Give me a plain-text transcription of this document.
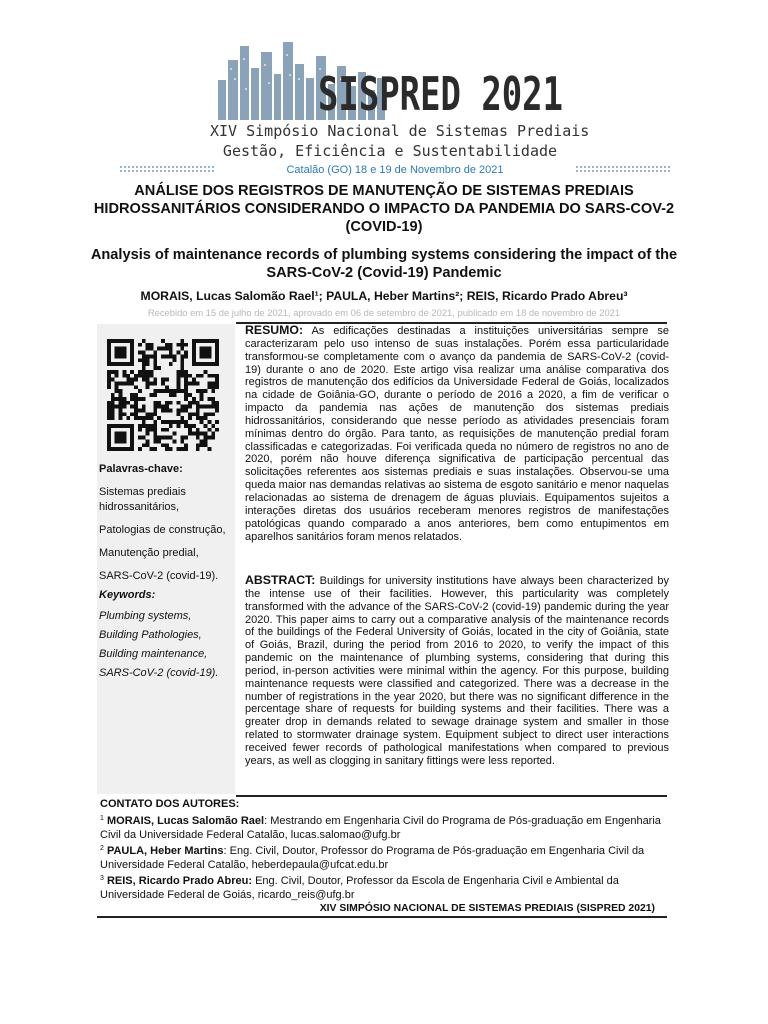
SISPRED 2021
XIV Simpósio Nacional de Sistemas Prediais
Gestão, Eficiência e Sustentabilidade
Catalão (GO) 18 e 19 de Novembro de 2021
ANÁLISE DOS REGISTROS DE MANUTENÇÃO DE SISTEMAS PREDIAIS HIDROSSANITÁRIOS CONSIDERANDO O IMPACTO DA PANDEMIA DO SARS-COV-2 (COVID-19)
Analysis of maintenance records of plumbing systems considering the impact of the SARS-CoV-2 (Covid-19) Pandemic
MORAIS, Lucas Salomão Rael¹; PAULA, Heber Martins²; REIS, Ricardo Prado Abreu³
Recebido em 15 de julho de 2021, aprovado em 06 de setembro de 2021, publicado em 18 de novembro de 2021
Palavras-chave:
Sistemas prediais hidrossanitários,
Patologias de construção,
Manutenção predial,
SARS-CoV-2 (covid-19).
Keywords:
Plumbing systems,
Building Pathologies,
Building maintenance,
SARS-CoV-2 (covid-19).
RESUMO: As edificações destinadas a instituições universitárias sempre se caracterizaram pelo uso intenso de suas instalações. Porém essa particularidade transformou-se completamente com o avanço da pandemia de SARS-CoV-2 (covid-19) durante o ano de 2020. Este artigo visa realizar uma análise comparativa dos registros de manutenção dos edifícios da Universidade Federal de Goiás, localizados na cidade de Goiânia-GO, durante o período de 2016 a 2020, a fim de verificar o impacto da pandemia nas ações de manutenção dos sistemas prediais hidrossanitários, considerando que nesse período as atividades presenciais foram mínimas dentro do órgão. Para tanto, as requisições de manutenção predial foram classificadas e categorizadas. Foi verificada queda no número de registros no ano de 2020, porém não houve diferença significativa de participação percentual das solicitações referentes aos sistemas prediais e suas instalações. Observou-se uma queda maior nas demandas relativas ao sistema de esgoto sanitário e menor naquelas relacionadas ao sistema de drenagem de águas pluviais. Equipamentos sujeitos a interações diretas dos usuários receberam menores registros de manifestações patológicas quando comparado a anos anteriores, bem como entupimentos em aparelhos sanitários foram menos relatados.
ABSTRACT: Buildings for university institutions have always been characterized by the intense use of their facilities. However, this particularity was completely transformed with the advance of the SARS-CoV-2 (covid-19) pandemic during the year 2020. This paper aims to carry out a comparative analysis of the maintenance records of the buildings of the Federal University of Goiás, located in the city of Goiânia, state of Goiás, Brazil, during the period from 2016 to 2020, to verify the impact of this pandemic on the maintenance of plumbing systems, considering that during this period, in-person activities were minimal within the agency. For this purpose, building maintenance requests were classified and categorized. There was a decrease in the number of registrations in the year 2020, but there was no significant difference in the percentage share of requests for building systems and their facilities. There was a greater drop in demands related to sewage drainage system and smaller in those related to stormwater drainage system. Equipment subject to direct user interactions received fewer records of pathological manifestations when compared to previous years, as well as clogging in sanitary fittings were less reported.
CONTATO DOS AUTORES:
$^1$ MORAIS, Lucas Salomão Rael: Mestrando em Engenharia Civil do Programa de Pós-graduação em Engenharia Civil da Universidade Federal Catalão, lucas.salomao@ufg.br
$^2$ PAULA, Heber Martins: Eng. Civil, Doutor, Professor do Programa de Pós-graduação em Engenharia Civil da Universidade Federal Catalão, heberdepaula@ufcat.edu.br
$^3$ REIS, Ricardo Prado Abreu: Eng. Civil, Doutor, Professor da Escola de Engenharia Civil e Ambiental da Universidade Federal de Goiás, ricardo_reis@ufg.br
XIV SIMPÓSIO NACIONAL DE SISTEMAS PREDIAIS (SISPRED 2021)
